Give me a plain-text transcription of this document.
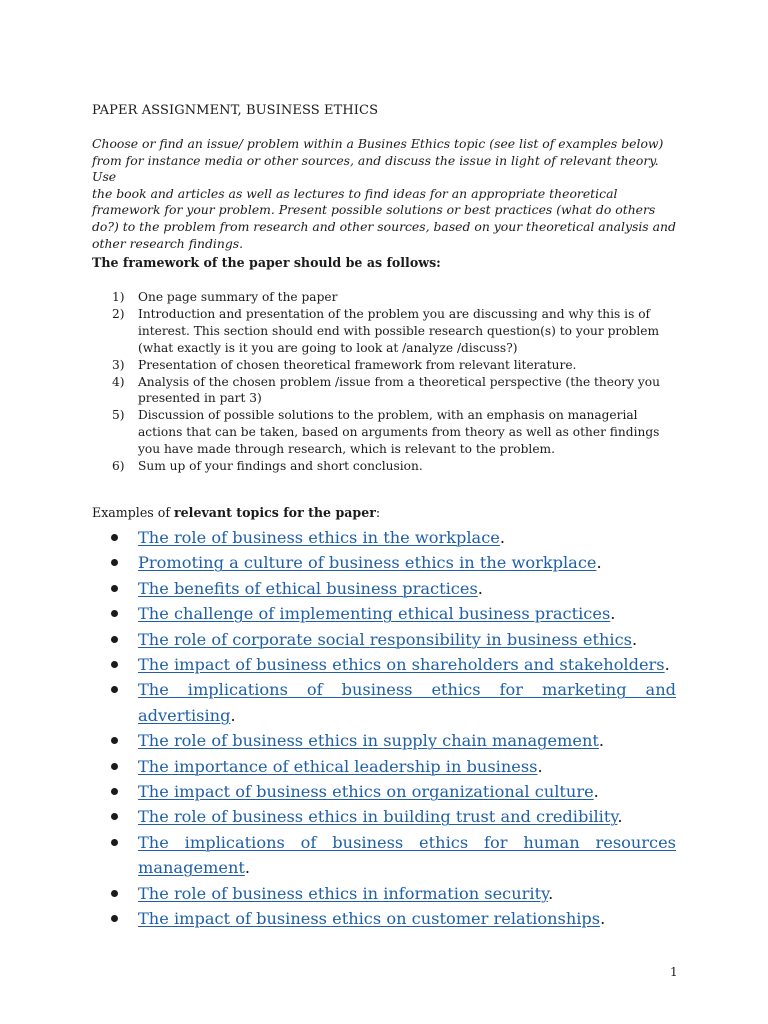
PAPER ASSIGNMENT, BUSINESS ETHICS
Choose or find an issue/ problem within a Busines Ethics topic (see list of examples below)
from for instance media or other sources, and discuss the issue in light of relevant theory. Use
the book and articles as well as lectures to find ideas for an appropriate theoretical
framework for your problem. Present possible solutions or best practices (what do others
do?) to the problem from research and other sources, based on your theoretical analysis and
other research findings.
The framework of the paper should be as follows:
1) One page summary of the paper
2) Introduction and presentation of the problem you are discussing and why this is of
interest. This section should end with possible research question(s) to your problem
(what exactly is it you are going to look at /analyze /discuss?)
3) Presentation of chosen theoretical framework from relevant literature.
4) Analysis of the chosen problem /issue from a theoretical perspective (the theory you
presented in part 3)
5) Discussion of possible solutions to the problem, with an emphasis on managerial
actions that can be taken, based on arguments from theory as well as other findings
you have made through research, which is relevant to the problem.
6) Sum up of your findings and short conclusion.
Examples of relevant topics for the paper:
The role of business ethics in the workplace.
Promoting a culture of business ethics in the workplace.
The benefits of ethical business practices.
The challenge of implementing ethical business practices.
The role of corporate social responsibility in business ethics.
The impact of business ethics on shareholders and stakeholders.
The implications of business ethics for marketing and advertising.
The role of business ethics in supply chain management.
The importance of ethical leadership in business.
The impact of business ethics on organizational culture.
The role of business ethics in building trust and credibility.
The implications of business ethics for human resources management.
The role of business ethics in information security.
The impact of business ethics on customer relationships.
1
